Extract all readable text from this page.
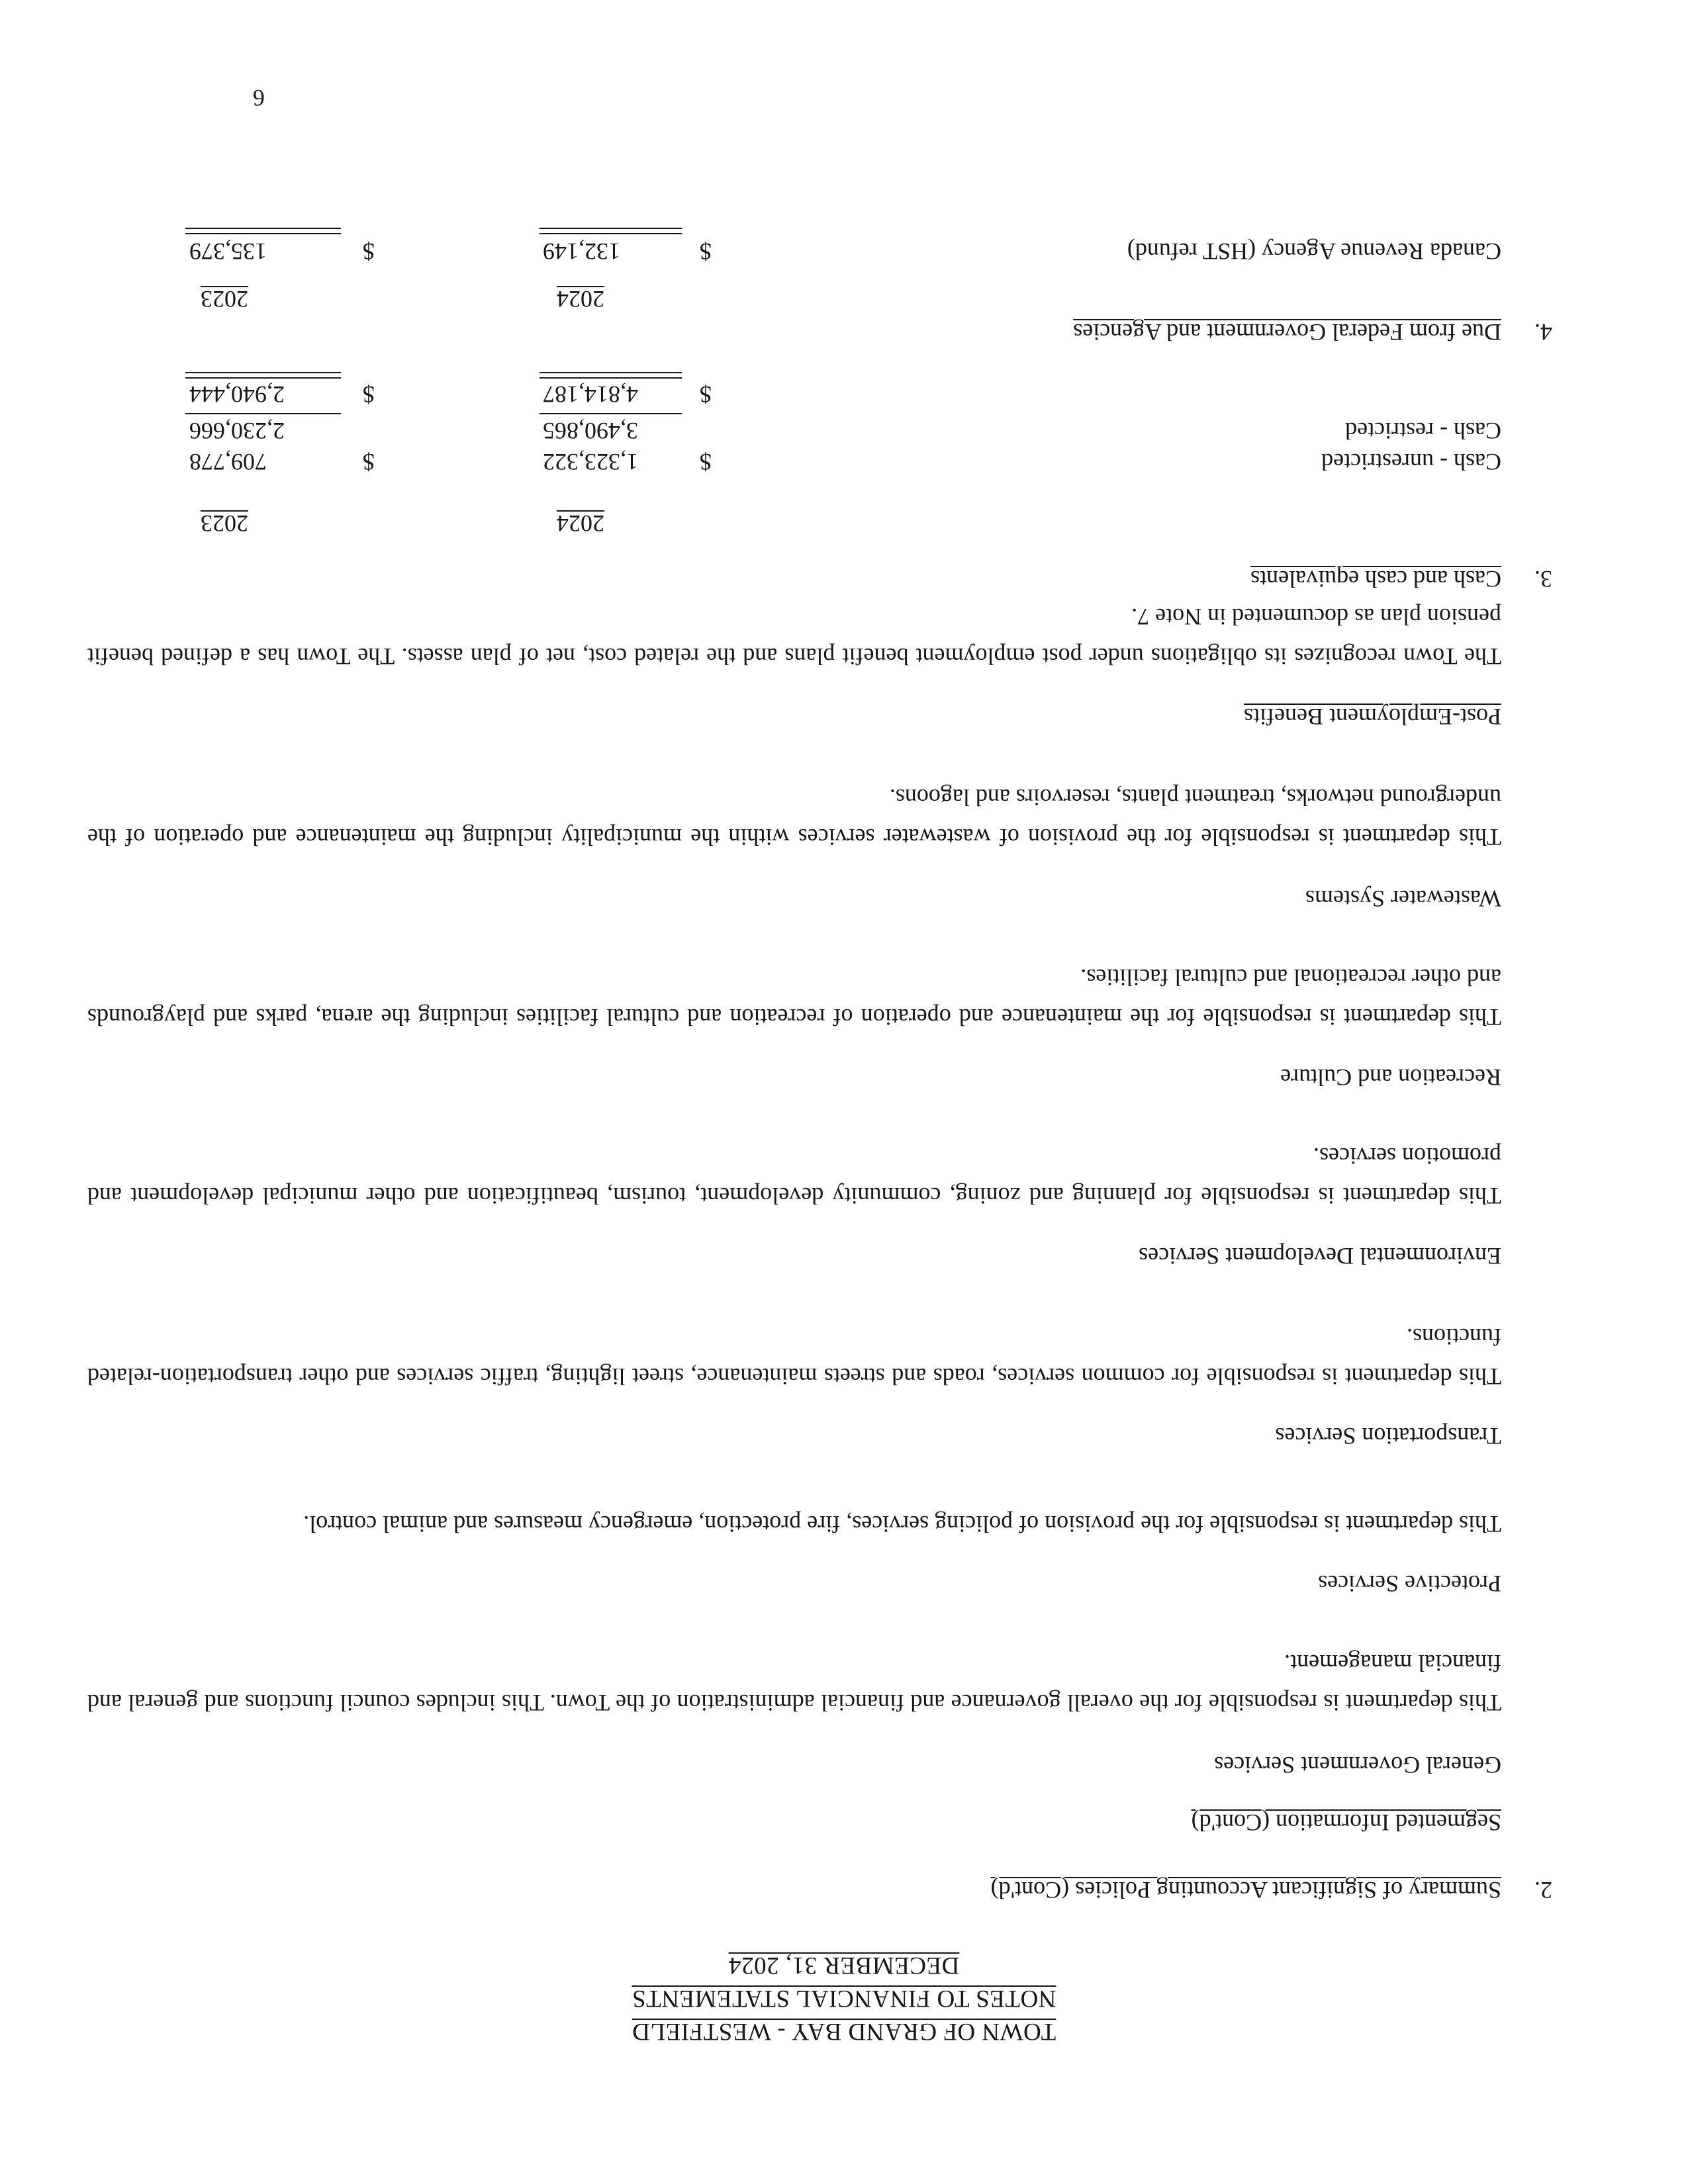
TOWN OF GRAND BAY - WESTFIELD
NOTES TO FINANCIAL STATEMENTS
DECEMBER 31, 2024
2.
Summary of Significant Accounting Policies (Cont'd)
Segmented Information (Cont'd)
General Government Services
This department is responsible for the overall governance and financial administration of the Town. This includes council functions and general and financial management.
Protective Services
This department is responsible for the provision of policing services, fire protection, emergency measures and animal control.
Transportation Services
This department is responsible for common services, roads and streets maintenance, street lighting, traffic services and other transportation-related functions.
Environmental Development Services
This department is responsible for planning and zoning, community development, tourism, beautification and other municipal development and promotion services.
Recreation and Culture
This department is responsible for the maintenance and operation of recreation and cultural facilities including the arena, parks and playgrounds and other recreational and cultural facilities.
Wastewater Systems
This department is responsible for the provision of wastewater services within the municipality including the maintenance and operation of the underground networks, treatment plants, reservoirs and lagoons.
Post-Employment Benefits
The Town recognizes its obligations under post employment benefit plans and the related cost, net of plan assets. The Town has a defined benefit pension plan as documented in Note 7.
3.
Cash and cash equivalents
2024
2023
Cash - unrestricted
$
1,323,322
$
709,778
Cash - restricted
3,490,865
2,230,666
$
4,814,187
$
2,940,444
4.
Due from Federal Government and Agencies
2024
2023
Canada Revenue Agency (HST refund)
$
132,149
$
135,379
6
